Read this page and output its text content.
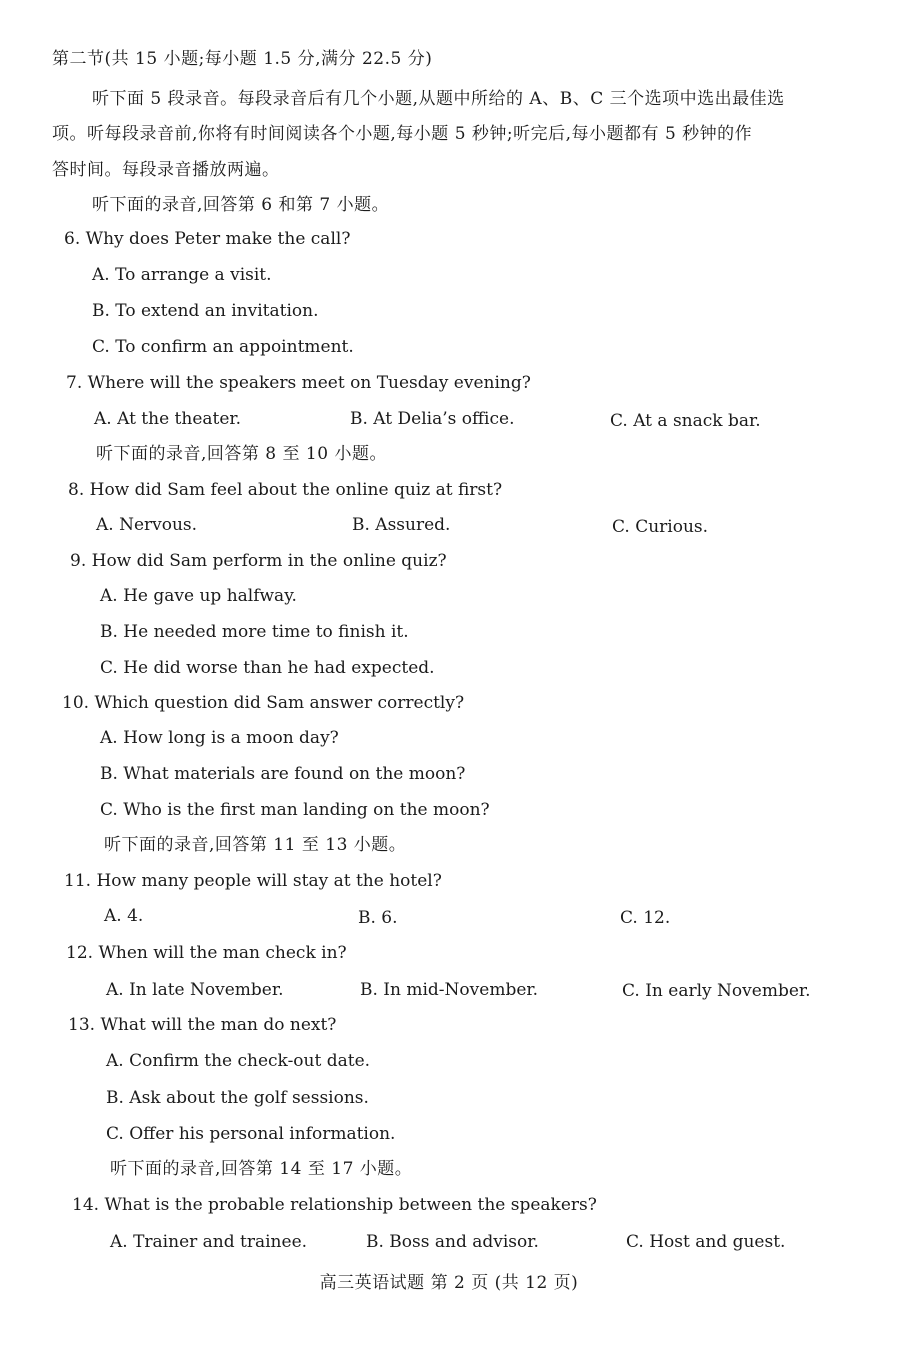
第二节(共 15 小题;每小题 1.5 分,满分 22.5 分)
听下面 5 段录音。每段录音后有几个小题,从题中所给的 A、B、C 三个选项中选出最佳选
项。听每段录音前,你将有时间阅读各个小题,每小题 5 秒钟;听完后,每小题都有 5 秒钟的作
答时间。每段录音播放两遍。
听下面的录音,回答第 6 和第 7 小题。
6. Why does Peter make the call?
A. To arrange a visit.
B. To extend an invitation.
C. To confirm an appointment.
7. Where will the speakers meet on Tuesday evening?
A. At the theater.	B. At Delia’s office.	C. At a snack bar.
听下面的录音,回答第 8 至 10 小题。
8. How did Sam feel about the online quiz at first?
A. Nervous.	B. Assured.	C. Curious.
9. How did Sam perform in the online quiz?
A. He gave up halfway.
B. He needed more time to finish it.
C. He did worse than he had expected.
10. Which question did Sam answer correctly?
A. How long is a moon day?
B. What materials are found on the moon?
C. Who is the first man landing on the moon?
听下面的录音,回答第 11 至 13 小题。
11. How many people will stay at the hotel?
A. 4.	B. 6.	C. 12.
12. When will the man check in?
A. In late November.	B. In mid-November.	C. In early November.
13. What will the man do next?
A. Confirm the check-out date.
B. Ask about the golf sessions.
C. Offer his personal information.
听下面的录音,回答第 14 至 17 小题。
14. What is the probable relationship between the speakers?
A. Trainer and trainee.	B. Boss and advisor.	C. Host and guest.
高三英语试题 第 2 页 (共 12 页)
